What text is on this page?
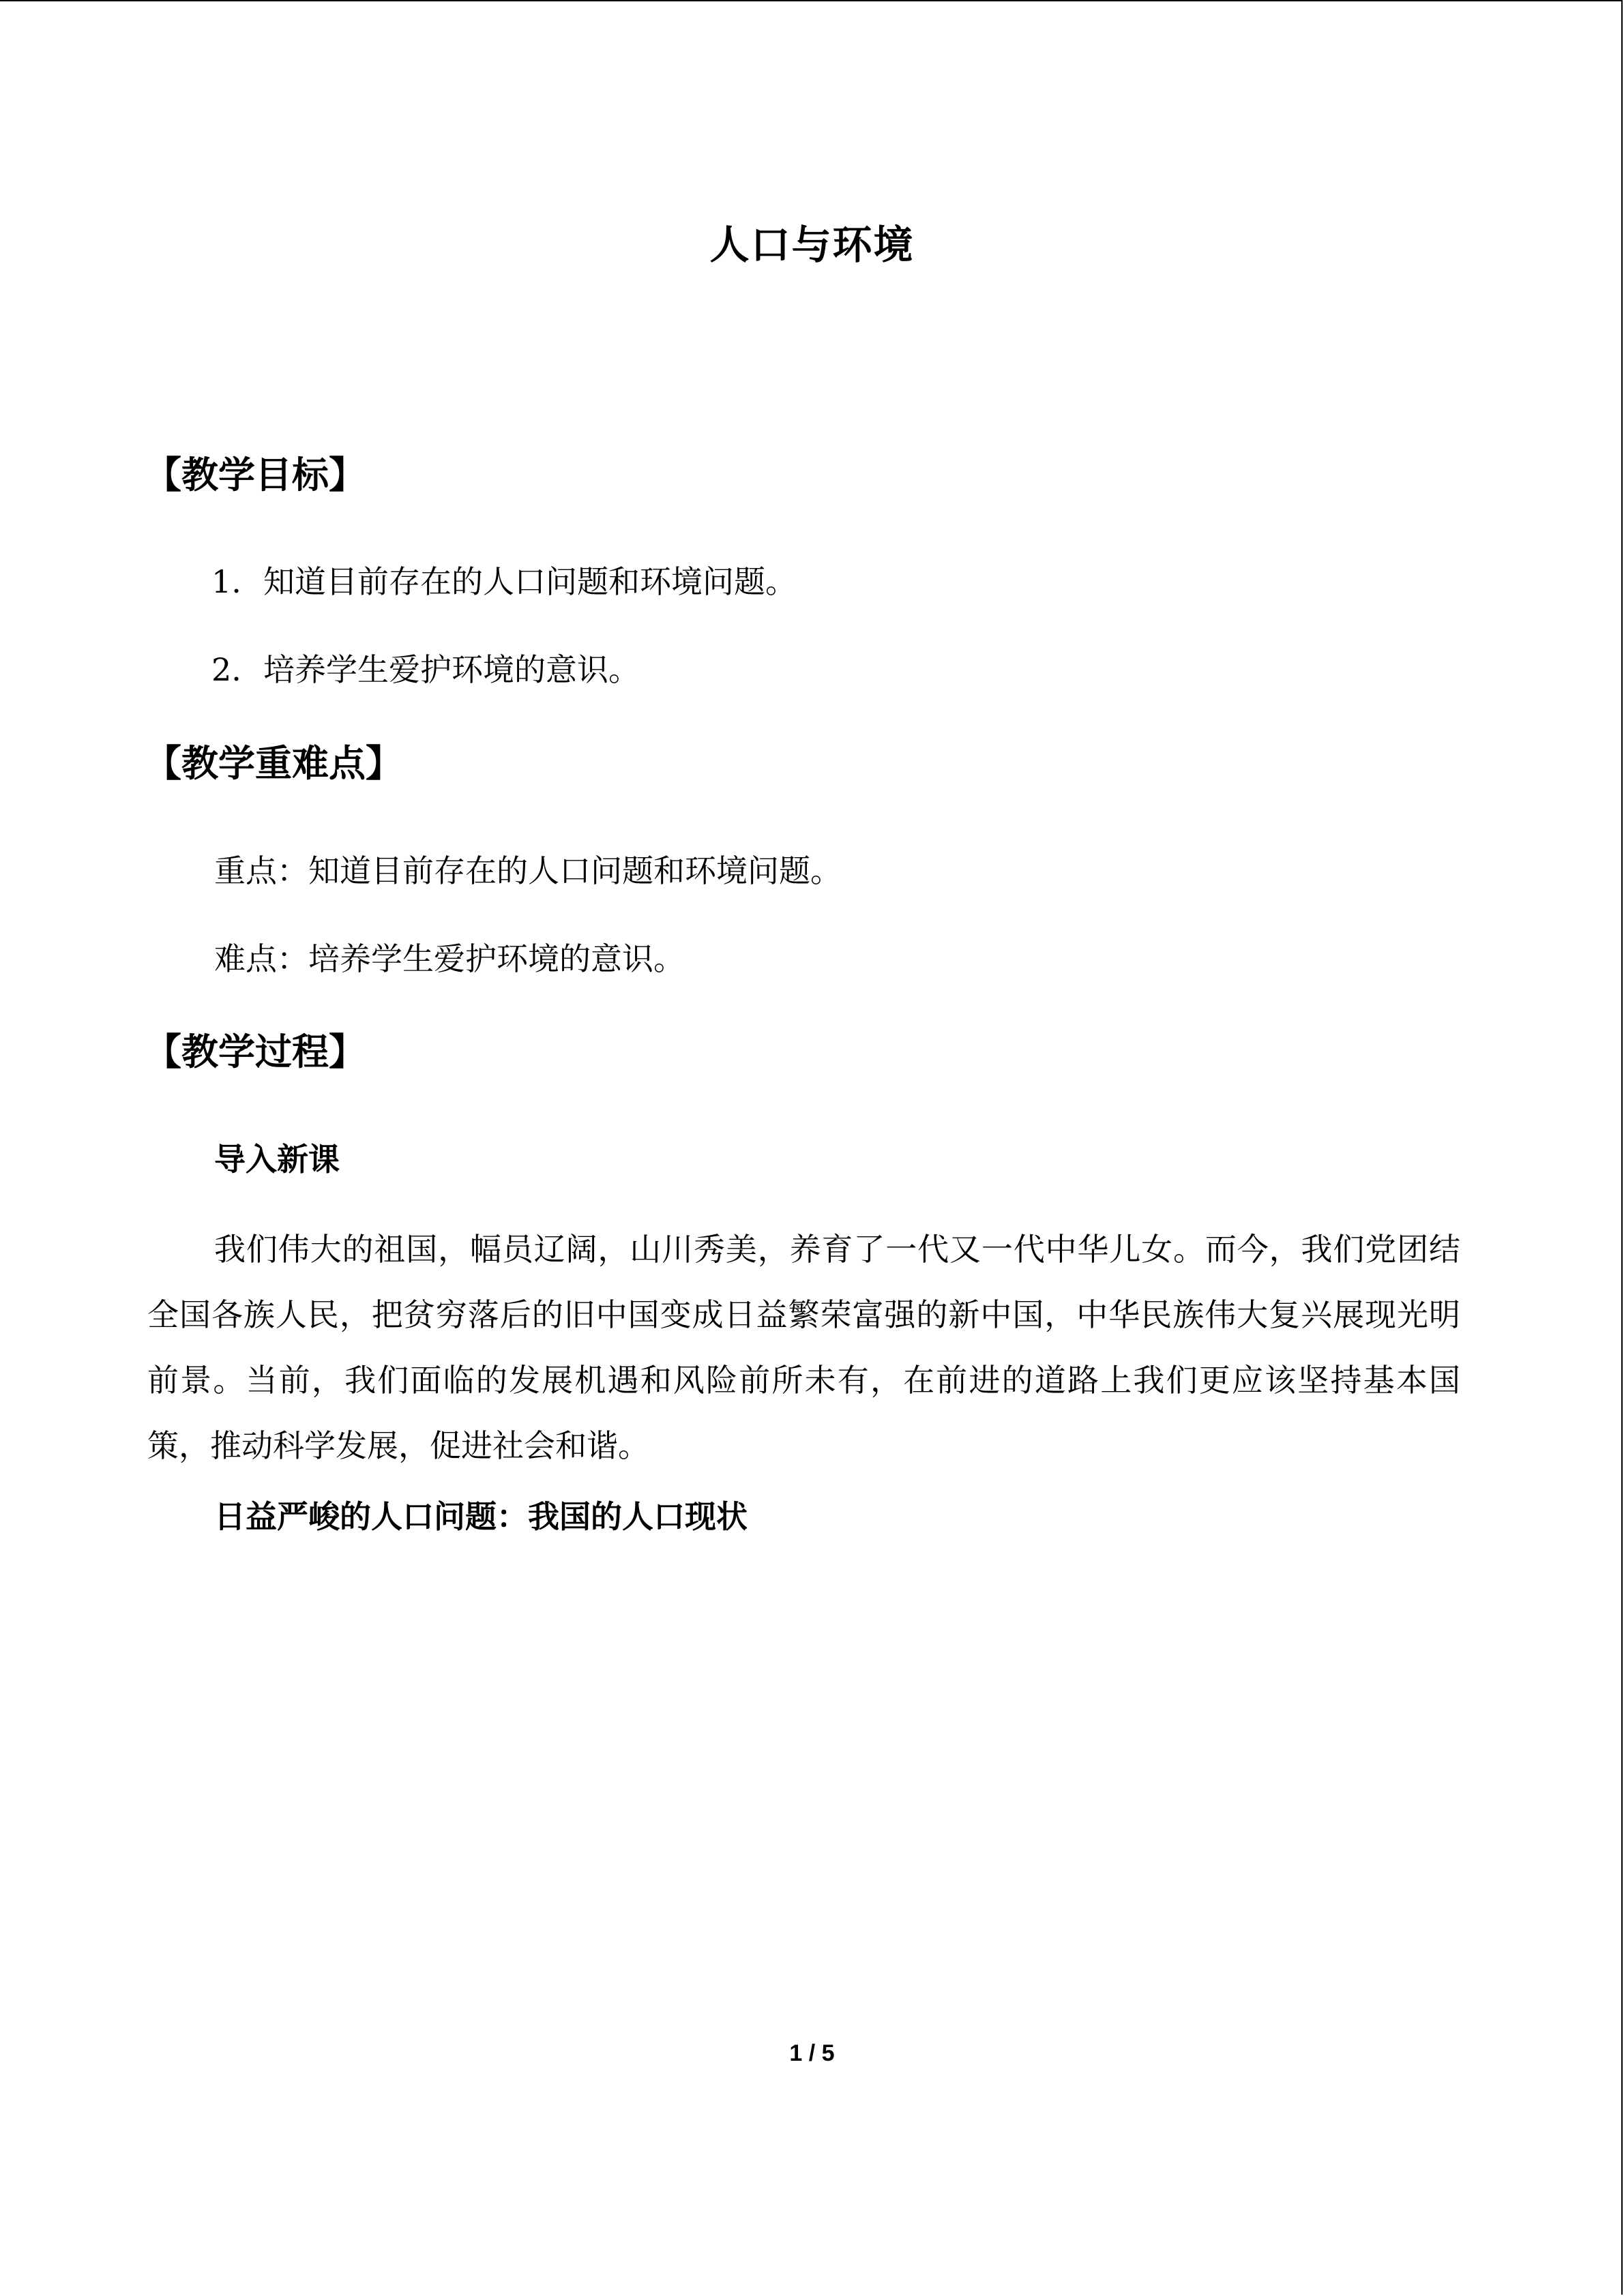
人口与环境
【教学目标】
1. 知道目前存在的人口问题和环境问题。
2. 培养学生爱护环境的意识。
【教学重难点】
重点：知道目前存在的人口问题和环境问题。
难点：培养学生爱护环境的意识。
【教学过程】
导入新课
我们伟大的祖国，幅员辽阔，山川秀美，养育了一代又一代中华儿女。而今，我们党团结全国各族人民，把贫穷落后的旧中国变成日益繁荣富强的新中国，中华民族伟大复兴展现光明前景。当前，我们面临的发展机遇和风险前所未有，在前进的道路上我们更应该坚持基本国策，推动科学发展，促进社会和谐。
日益严峻的人口问题：我国的人口现状
1 / 5
